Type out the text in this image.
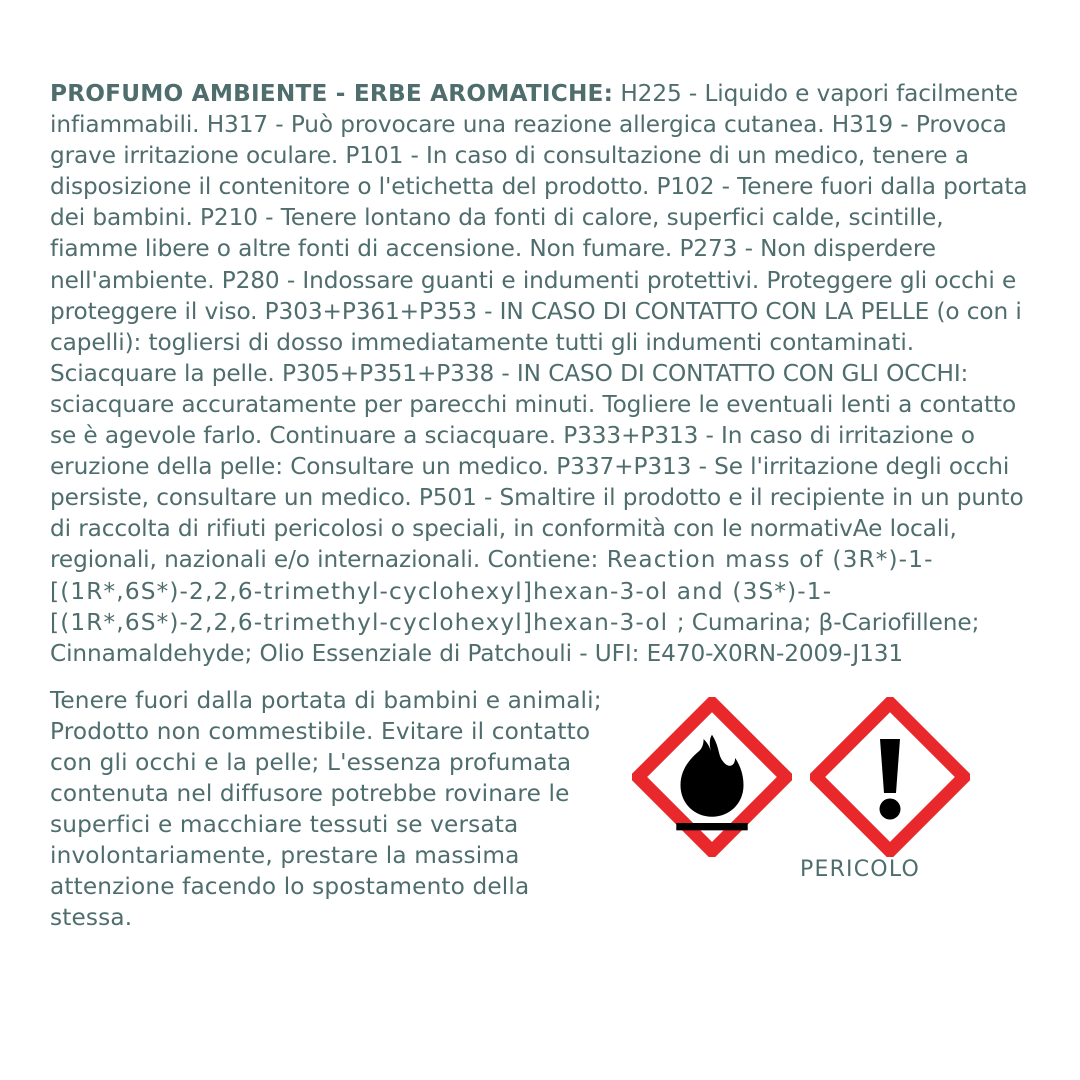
PROFUMO AMBIENTE - ERBE AROMATICHE: H225 - Liquido e vapori facilmente infiammabili. H317 - Può provocare una reazione allergica cutanea. H319 - Provoca grave irritazione oculare. P101 - In caso di consultazione di un medico, tenere a disposizione il contenitore o l'etichetta del prodotto. P102 - Tenere fuori dalla portata dei bambini. P210 - Tenere lontano da fonti di calore, superfici calde, scintille, fiamme libere o altre fonti di accensione. Non fumare. P273 - Non disperdere nell'ambiente. P280 - Indossare guanti e indumenti protettivi. Proteggere gli occhi e proteggere il viso. P303+P361+P353 - IN CASO DI CONTATTO CON LA PELLE (o con i capelli): togliersi di dosso immediatamente tutti gli indumenti contaminati. Sciacquare la pelle. P305+P351+P338 - IN CASO DI CONTATTO CON GLI OCCHI: sciacquare accuratamente per parecchi minuti. Togliere le eventuali lenti a contatto se è agevole farlo. Continuare a sciacquare. P333+P313 - In caso di irritazione o eruzione della pelle: Consultare un medico. P337+P313 - Se l'irritazione degli occhi persiste, consultare un medico. P501 - Smaltire il prodotto e il recipiente in un punto di raccolta di rifiuti pericolosi o speciali, in conformità con le normativAe locali, regionali, nazionali e/o internazionali. Contiene: Reaction mass of (3R*)-1-[(1R*,6S*)-2,2,6-trimethyl-cyclohexyl]hexan-3-ol and (3S*)-1-[(1R*,6S*)-2,2,6-trimethyl-cyclohexyl]hexan-3-ol ; Cumarina; β-Cariofillene; Cinnamaldehyde; Olio Essenziale di Patchouli - UFI: E470-X0RN-2009-J131

Tenere fuori dalla portata di bambini e animali; Prodotto non commestibile. Evitare il contatto con gli occhi e la pelle; L'essenza profumata contenuta nel diffusore potrebbe rovinare le superfici e macchiare tessuti se versata involontariamente, prestare la massima attenzione facendo lo spostamento della stessa.
PERICOLO
